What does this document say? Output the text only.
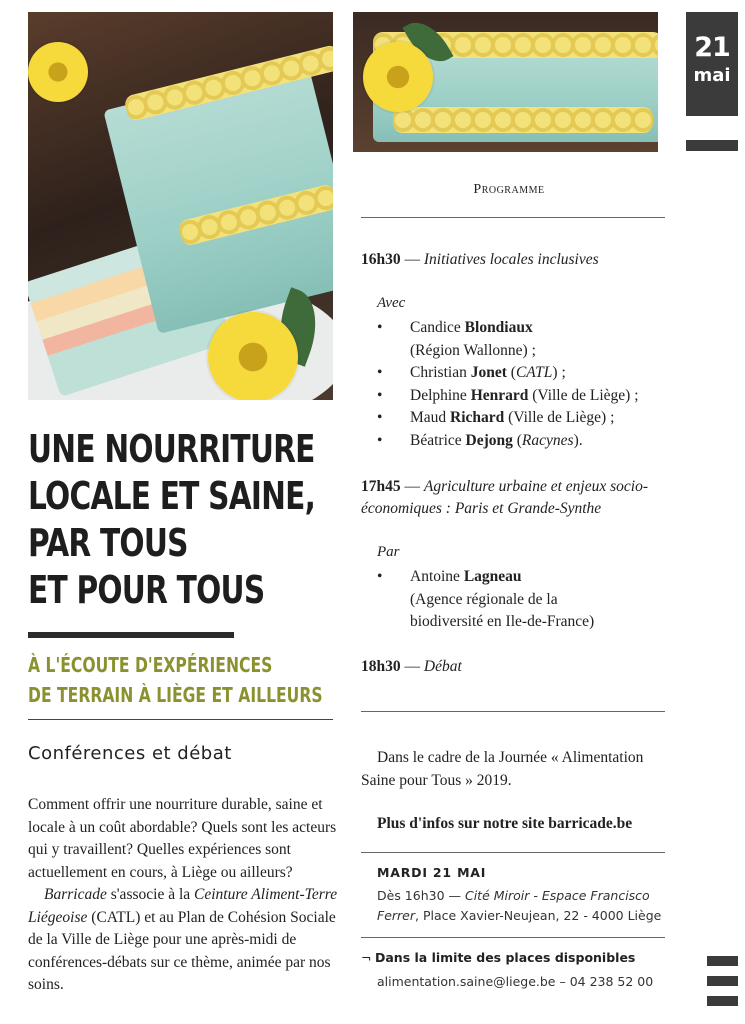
21
mai
UNE NOURRITURE
LOCALE ET SAINE,
PAR TOUS
ET POUR TOUS
À L'ÉCOUTE D'EXPÉRIENCES
DE TERRAIN À LIÈGE ET AILLEURS
Conférences et débat

Comment offrir une nourriture durable, saine et locale à un coût abordable? Quels sont les acteurs qui y travaillent? Quelles expériences sont actuellement en cours, à Liège ou ailleurs?

Barricade s'associe à la Ceinture Aliment-Terre Liégeoise (CATL) et au Plan de Cohésion Sociale de la Ville de Liège pour une après-midi de conférences-débats sur ce thème, animée par nos soins.

Programme
16h30 — Initiatives locales inclusives
Avec
• Candice Blondiaux
(Région Wallonne) ;
• Christian Jonet (CATL) ;
• Delphine Henrard (Ville de Liège) ;
• Maud Richard (Ville de Liège) ;
• Béatrice Dejong (Racynes).
17h45 — Agriculture urbaine et enjeux socio-économiques : Paris et Grande-Synthe
Par
• Antoine Lagneau
(Agence régionale de la biodiversité en Ile-de-France)
18h30 — Débat
Dans le cadre de la Journée « Alimentation Saine pour Tous » 2019.
Plus d'infos sur notre site barricade.be
MARDI 21 MAI
Dès 16h30 — Cité Miroir - Espace Francisco Ferrer, Place Xavier-Neujean, 22 - 4000 Liège
¬ Dans la limite des places disponibles
alimentation.saine@liege.be – 04 238 52 00
